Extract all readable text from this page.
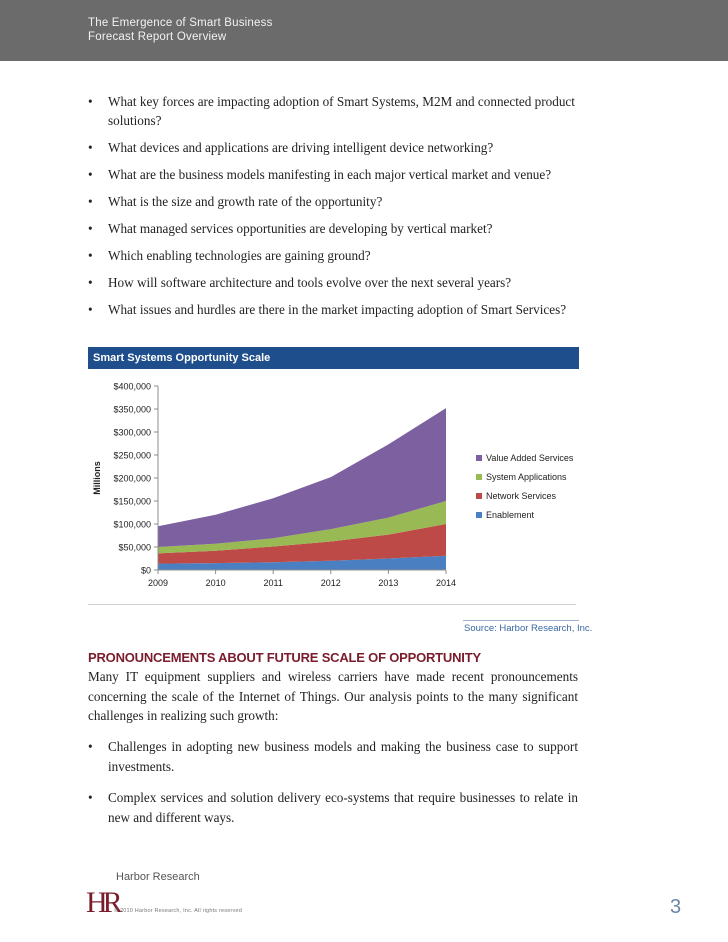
The Emergence of Smart Business
Forecast Report Overview
• What key forces are impacting adoption of Smart Systems, M2M and connected product solutions?
• What devices and applications are driving intelligent device networking?
• What are the business models manifesting in each major vertical market and venue?
• What is the size and growth rate of the opportunity?
• What managed services opportunities are developing by vertical market?
• Which enabling technologies are gaining ground?
• How will software architecture and tools evolve over the next several years?
• What issues and hurdles are there in the market impacting adoption of Smart Services?
Smart Systems Opportunity Scale
$0
$50,000
$100,000
$150,000
$200,000
$250,000
$300,000
$350,000
$400,000
2009	2010	2011	2012	2013	2014
Millions
Value Added Services
System Applications
Network Services
Enablement
Source: Harbor Research, Inc.
PRONOUNCEMENTS ABOUT FUTURE SCALE OF OPPORTUNITY
Many IT equipment suppliers and wireless carriers have made recent pronouncements concerning the scale of the Internet of Things. Our analysis points to the many significant challenges in realizing such growth:
• Challenges in adopting new business models and making the business case to support investments.
• Complex services and solution delivery eco-systems that require businesses to relate in new and different ways.
HR
Harbor Research
© 2010 Harbor Research, Inc. All rights reserved	3
